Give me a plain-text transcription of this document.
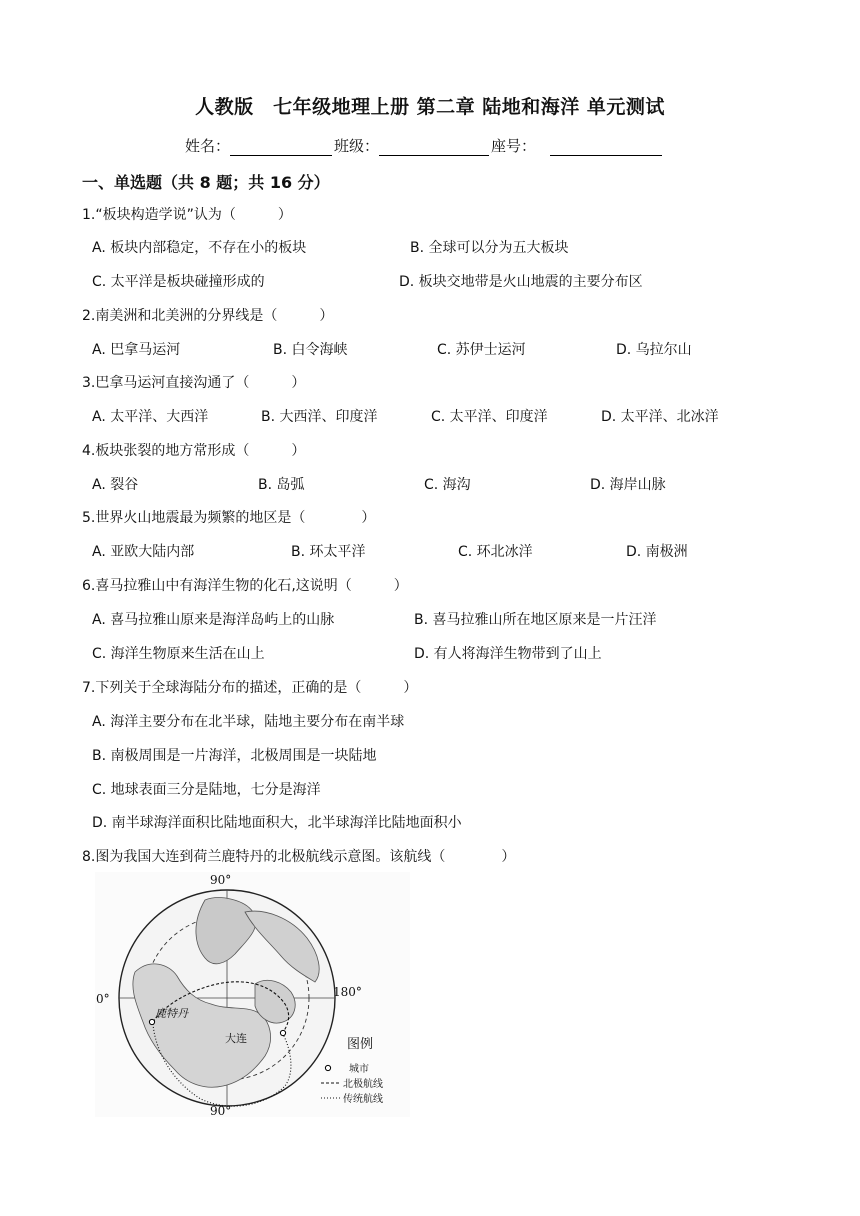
人教版　七年级地理上册 第二章 陆地和海洋 单元测试
姓名：	班级：	座号：
一、单选题（共 8 题；共 16 分）
1.“板块构造学说”认为（　　　）
A. 板块内部稳定，不存在小的板块	B. 全球可以分为五大板块
C. 太平洋是板块碰撞形成的	D. 板块交地带是火山地震的主要分布区
2.南美洲和北美洲的分界线是（　　　）
A. 巴拿马运河	B. 白令海峡	C. 苏伊士运河	D. 乌拉尔山
3.巴拿马运河直接沟通了（　　　）
A. 太平洋、大西洋	B. 大西洋、印度洋	C. 太平洋、印度洋	D. 太平洋、北冰洋
4.板块张裂的地方常形成（　　　）
A. 裂谷	B. 岛弧	C. 海沟	D. 海岸山脉
5.世界火山地震最为频繁的地区是（　　　　）
A. 亚欧大陆内部	B. 环太平洋	C. 环北冰洋	D. 南极洲
6.喜马拉雅山中有海洋生物的化石,这说明（　　　）
A. 喜马拉雅山原来是海洋岛屿上的山脉	B. 喜马拉雅山所在地区原来是一片汪洋
C. 海洋生物原来生活在山上	D. 有人将海洋生物带到了山上
7.下列关于全球海陆分布的描述，正确的是（　　　）
A. 海洋主要分布在北半球，陆地主要分布在南半球
B. 南极周围是一片海洋，北极周围是一块陆地
C. 地球表面三分是陆地，七分是海洋
D. 南半球海洋面积比陆地面积大，北半球海洋比陆地面积小
8.图为我国大连到荷兰鹿特丹的北极航线示意图。该航线（　　　　）
鹿特丹
大连
90°
0°	180°
90°
图例
城市
北极航线
传统航线
